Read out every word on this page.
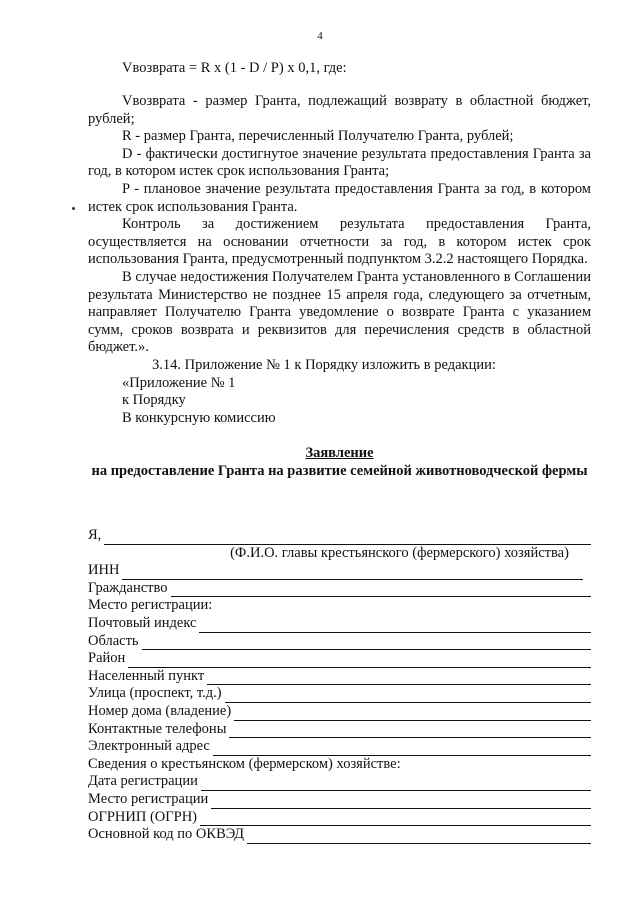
4
Vвозврата = R x (1 - D / P) x 0,1, где:

Vвозврата - размер Гранта, подлежащий возврату в областной бюджет, рублей;

R - размер Гранта, перечисленный Получателю Гранта, рублей;

D - фактически достигнутое значение результата предоставления Гранта за год, в котором истек срок использования Гранта;

P - плановое значение результата предоставления Гранта за год, в котором истек срок использования Гранта.

Контроль за достижением результата предоставления Гранта, осуществляется на основании отчетности за год, в котором истек срок использования Гранта, предусмотренный подпунктом 3.2.2 настоящего Порядка.

В случае недостижения Получателем Гранта установленного в Соглашении результата Министерство не позднее 15 апреля года, следующего за отчетным, направляет Получателю Гранта уведомление о возврате Гранта с указанием сумм, сроков возврата и реквизитов для перечисления средств в областной бюджет.».

3.14. Приложение № 1 к Порядку изложить в редакции:

«Приложение № 1

к Порядку

В конкурсную комиссию

Заявление
на предоставление Гранта на развитие семейной животноводческой фермы
Я,
(Ф.И.О. главы крестьянского (фермерского) хозяйства)
ИНН
Гражданство
Место регистрации:
Почтовый индекс
Область
Район
Населенный пункт
Улица (проспект, т.д.)
Номер дома (владение)
Контактные телефоны
Электронный адрес
Сведения о крестьянском (фермерском) хозяйстве:
Дата регистрации
Место регистрации
ОГРНИП (ОГРН)
Основной код по ОКВЭД
